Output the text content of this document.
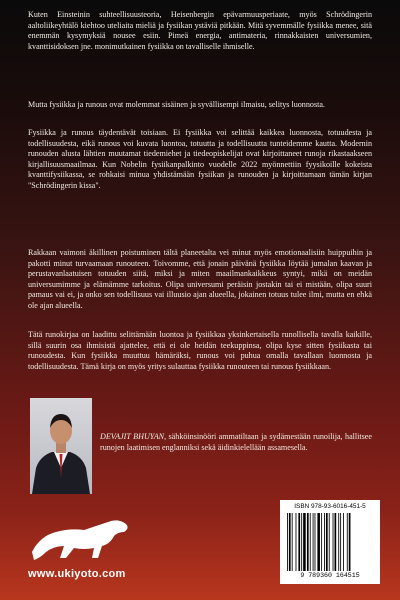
Kuten Einsteinin suhteellisuusteoria, Heisenbergin epävarmuusperiaate, myös Schrödingerin aaltoliikeyhtälö kiehtoo uteliaita mieliä ja fysiikan ystäviä pitkään. Mitä syvemmälle fysiikka menee, sitä enemmän kysymyksiä nousee esiin. Pimeä energia, antimateria, rinnakkaisten universumien, kvanttisidoksen jne. monimutkainen fysiikka on tavalliselle ihmiselle.

Mutta fysiikka ja runous ovat molemmat sisäinen ja syvällisempi ilmaisu, selitys luonnosta.

Fysiikka ja runous täydentävät toisiaan. Ei fysiikka voi selittää kaikkea luonnosta, totuudesta ja todellisuudesta, eikä runous voi kuvata luontoa, totuutta ja todellisuutta tunteidemme kautta. Modernin runouden alusta lähtien muutamat tiedemiehet ja tiedeopiskelijat ovat kirjoittaneet runoja rikastaakseen kirjallisuusmaailmaa. Kun Nobelin fysiikanpalkinto vuodelle 2022 myönnettiin fyysikoille kokeista kvanttifysiikassa, se rohkaisi minua yhdistämään fysiikan ja runouden ja kirjoittamaan tämän kirjan "Schrödingerin kissa".

Rakkaan vaimoni äkillinen poistuminen tältä planeetalta vei minut myös emotionaalisiin huippuihin ja pakotti minut turvaamaan runouteen. Toivomme, että jonain päivänä fysiikka löytää jumalan kaavan ja perustavanlaatuisen totuuden siitä, miksi ja miten maailmankaikkeus syntyi, mikä on meidän universumimme ja elämämme tarkoitus. Olipa universumi peräisin jostakin tai ei mistään, olipa suuri pamaus vai ei, ja onko sen todellisuus vai illuusio ajan alueella, jokainen totuus tulee ilmi, mutta en ehkä ole ajan alueella.

Tätä runokirjaa on laadittu selittämään luontoa ja fysiikkaa yksinkertaisella runollisella tavalla kaikille, sillä suurin osa ihmisistä ajattelee, että ei ole heidän teekuppinsa, olipa kyse sitten fysiikasta tai runoudesta. Kun fysiikka muuttuu hämäräksi, runous voi puhua omalla tavallaan luonnosta ja todellisuudesta. Tämä kirja on myös yritys sulauttaa fysiikka runouteen tai runous fysiikkaan.

DEVAJIT BHUYAN, sähköinsinööri ammatiltaan ja sydämestään runoilija, hallitsee runojen laatimisen englanniksi sekä äidinkielellään assamesella.

www.ukiyoto.com

ISBN 978-93-6016-451-5
9 789360 164515
